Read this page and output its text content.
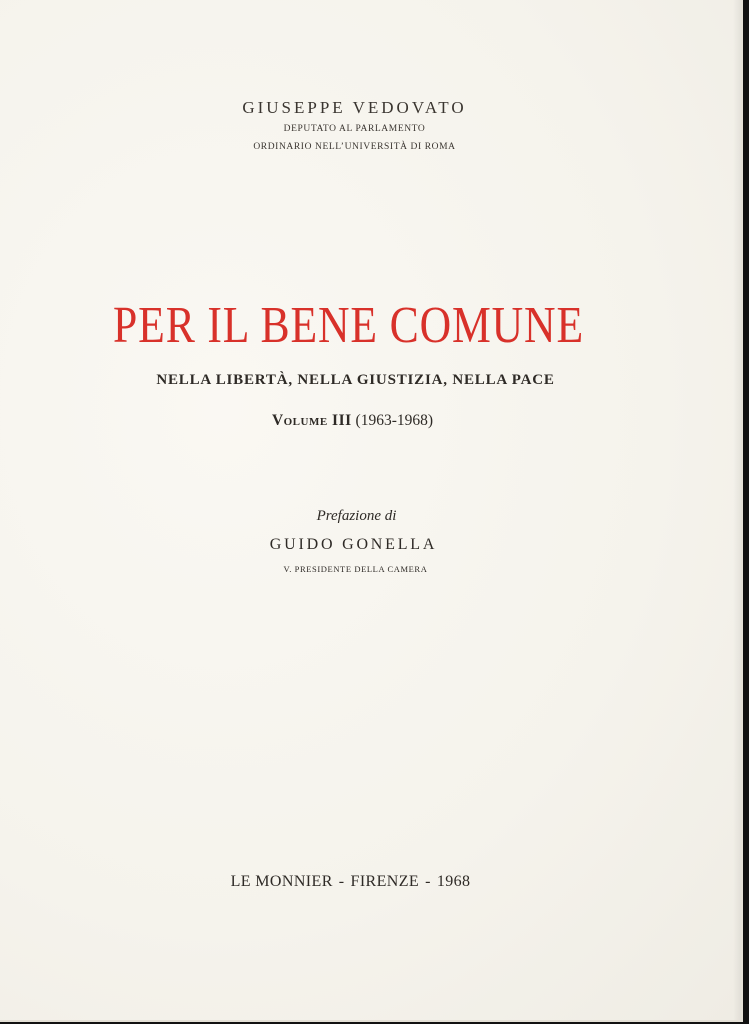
GIUSEPPE VEDOVATO
DEPUTATO AL PARLAMENTO
ORDINARIO NELL’UNIVERSITÀ DI ROMA
PER IL BENE COMUNE
NELLA LIBERTÀ, NELLA GIUSTIZIA, NELLA PACE
Volume III (1963-1968)
Prefazione di
GUIDO GONELLA
V. PRESIDENTE DELLA CAMERA
LE MONNIER - FIRENZE - 1968
